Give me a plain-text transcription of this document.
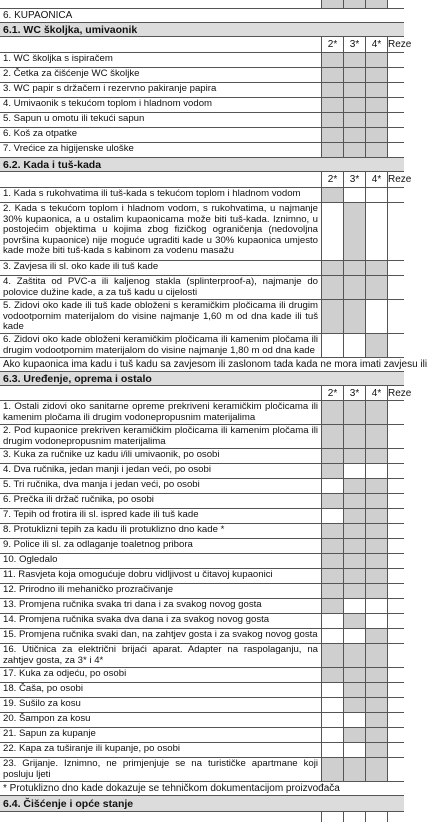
6. KUPAONICA
6.1. WC školjka, umivaonik
2*	3*	4* Reze
1. WC školjka s ispiračem
2. Četka za čišćenje WC školjke
3. WC papir s držačem i rezervno pakiranje papira
4. Umivaonik s tekućom toplom i hladnom vodom
5. Sapun u omotu ili tekući sapun
6. Koš za otpatke
7. Vrećice za higijenske uloške
6.2. Kada i tuš-kada
2*	3*	4* Reze
1. Kada s rukohvatima ili tuš-kada s tekućom toplom i hladnom vodom
2. Kada s tekućom toplom i hladnom vodom, s rukohvatima, u najmanje 30% kupaonica, a u ostalim kupaonicama može biti tuš-kada. Iznimno, u postojećim objektima u kojima zbog fizičkog ograničenja (nedovoljna površina kupaonice) nije moguće ugraditi kade u 30% kupaonica umjesto kade može biti tuš-kada s kabinom za vodenu masažu
3. Zavjesa ili sl. oko kade ili tuš kade
4. Zaštita od PVC-a ili kaljenog stakla (splinterproof-a), najmanje do polovice dužine kade, a za tuš kadu u cijelosti
5. Zidovi oko kade ili tuš kade obloženi s keramičkim pločicama ili drugim vodootpornim materijalom do visine najmanje 1,60 m od dna kade ili tuš kade
6. Zidovi oko kade obloženi keramičkim pločicama ili kamenim pločama ili drugim vodootpornim materijalom do visine najmanje 1,80 m od dna kade
Ako kupaonica ima kadu i tuš kadu sa zavjesom ili zaslonom tada kada ne mora imati zavjesu ili
6.3. Uređenje, oprema i ostalo
2*	3*	4* Reze
1. Ostali zidovi oko sanitarne opreme prekriveni keramičkim pločicama ili kamenim pločama ili drugim vodonepropusnim materijalima
2. Pod kupaonice prekriven keramičkim pločicama ili kamenim pločama ili drugim vodonepropusnim materijalima
3. Kuka za ručnike uz kadu i/ili umivaonik, po osobi
4. Dva ručnika, jedan manji i jedan veći, po osobi
5. Tri ručnika, dva manja i jedan veći, po osobi
6. Prečka ili držač ručnika, po osobi
7. Tepih od frotira ili sl. ispred kade ili tuš kade
8. Protuklizni tepih za kadu ili protuklizno dno kade *
9. Police ili sl. za odlaganje toaletnog pribora
10. Ogledalo
11. Rasvjeta koja omogućuje dobru vidljivost u čitavoj kupaonici
12. Prirodno ili mehaničko prozračivanje
13. Promjena ručnika svaka tri dana i za svakog novog gosta
14. Promjena ručnika svaka dva dana i za svakog novog gosta
15. Promjena ručnika svaki dan, na zahtjev gosta i za svakog novog gosta
16. Utičnica za električni brijaći aparat. Adapter na raspolaganju, na zahtjev gosta, za 3* i 4*
17. Kuka za odjeću, po osobi
18. Čaša, po osobi
19. Sušilo za kosu
20. Šampon za kosu
21. Sapun za kupanje
22. Kapa za tuširanje ili kupanje, po osobi
23. Grijanje. Iznimno, ne primjenjuje se na turističke apartmane koji posluju ljeti
* Protuklizno dno kade dokazuje se tehničkom dokumentacijom proizvođača
6.4. Čišćenje i opće stanje
